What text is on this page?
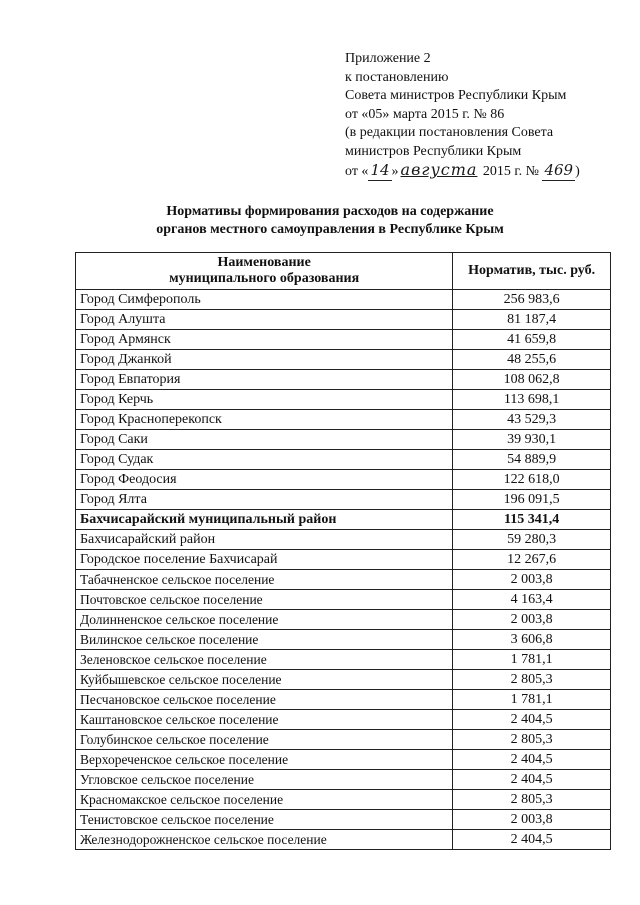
Приложение 2
к постановлению
Совета министров Республики Крым
от «05» марта 2015 г. № 86
(в редакции постановления Совета
министров Республики Крым
от « 14 » августа 2015 г. № 469 )
Нормативы формирования расходов на содержание
органов местного самоуправления в Республике Крым
Наименование
муниципального образования	Норматив, тыс. руб.
Город Симферополь	256 983,6
Город Алушта	81 187,4
Город Армянск	41 659,8
Город Джанкой	48 255,6
Город Евпатория	108 062,8
Город Керчь	113 698,1
Город Красноперекопск	43 529,3
Город Саки	39 930,1
Город Судак	54 889,9
Город Феодосия	122 618,0
Город Ялта	196 091,5
Бахчисарайский муниципальный район	115 341,4
Бахчисарайский район	59 280,3
Городское поселение Бахчисарай	12 267,6
Табачненское сельское поселение	2 003,8
Почтовское сельское поселение	4 163,4
Долинненское сельское поселение	2 003,8
Вилинское сельское поселение	3 606,8
Зеленовское сельское поселение	1 781,1
Куйбышевское сельское поселение	2 805,3
Песчановское сельское поселение	1 781,1
Каштановское сельское поселение	2 404,5
Голубинское сельское поселение	2 805,3
Верхореченское сельское поселение	2 404,5
Угловское сельское поселение	2 404,5
Красномакское сельское поселение	2 805,3
Тенистовское сельское поселение	2 003,8
Железнодорожненское сельское поселение	2 404,5
